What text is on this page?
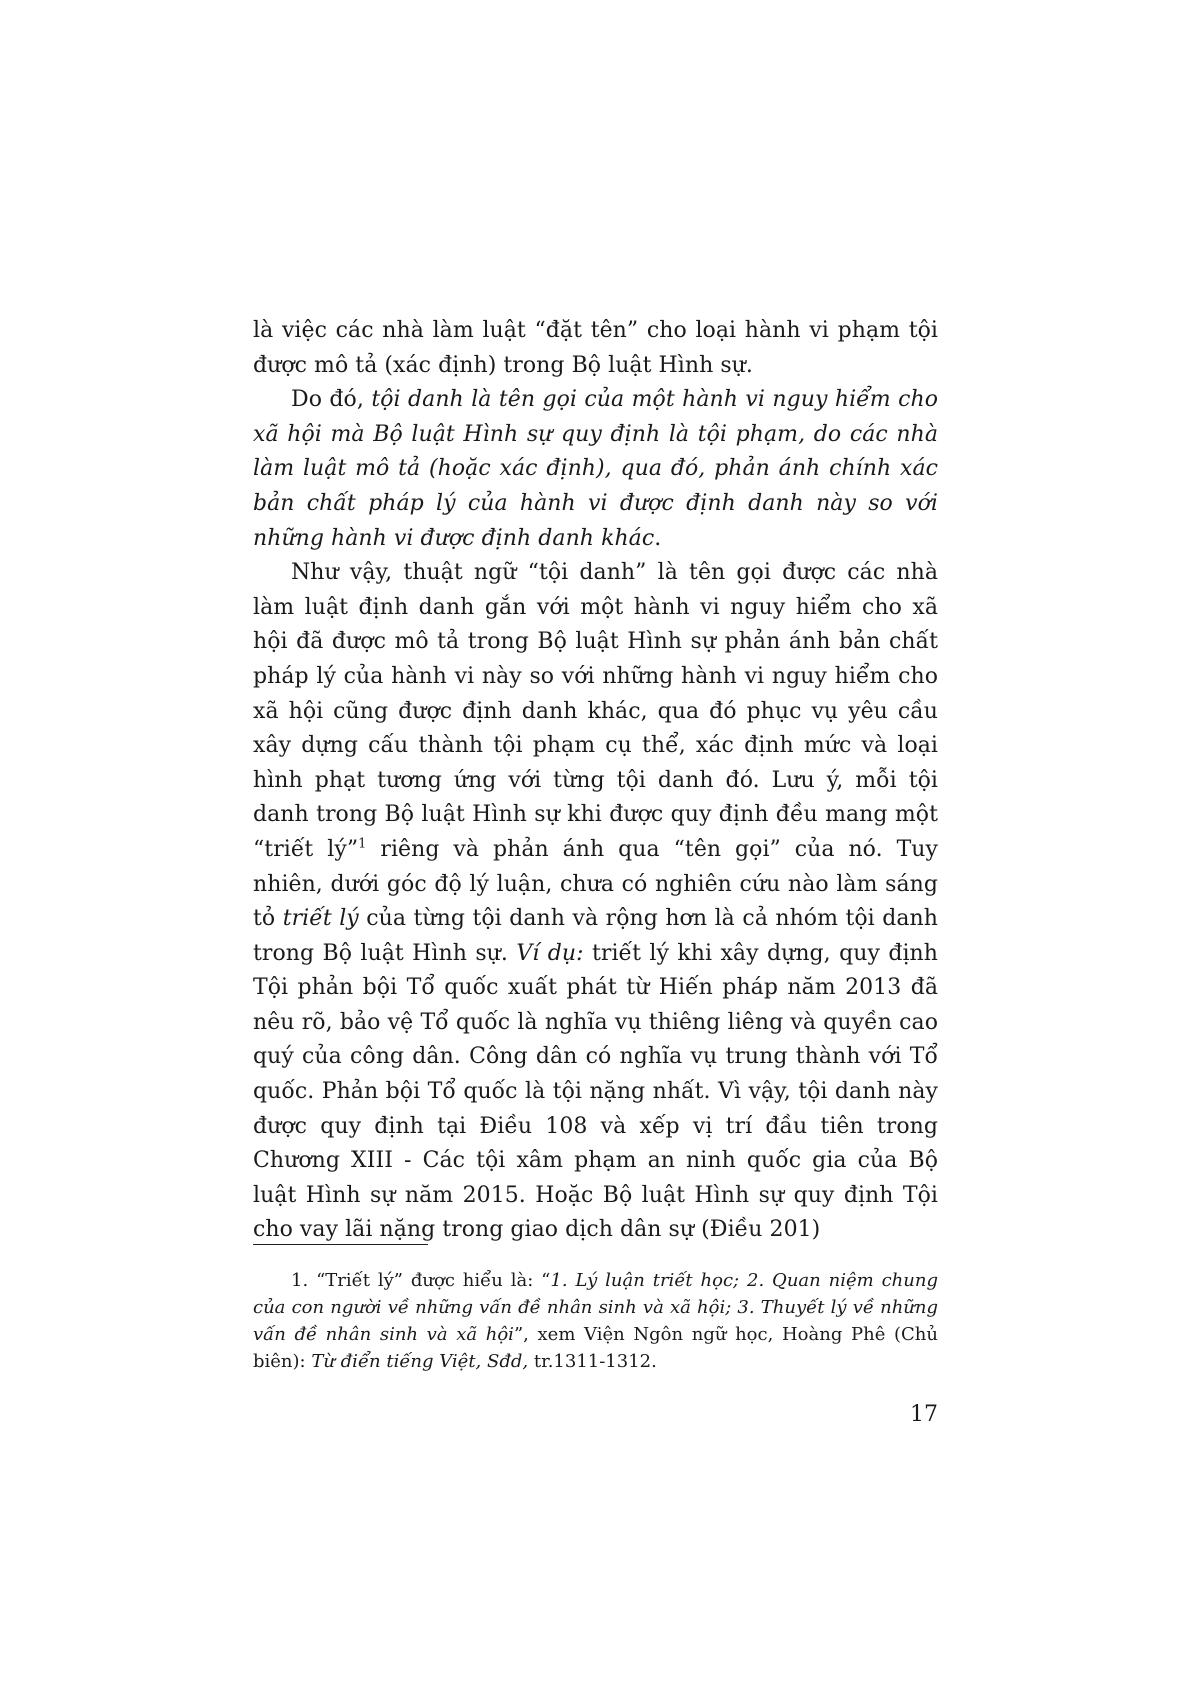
là việc các nhà làm luật “đặt tên” cho loại hành vi phạm tội được mô tả (xác định) trong Bộ luật Hình sự.

Do đó, tội danh là tên gọi của một hành vi nguy hiểm cho xã hội mà Bộ luật Hình sự quy định là tội phạm, do các nhà làm luật mô tả (hoặc xác định), qua đó, phản ánh chính xác bản chất pháp lý của hành vi được định danh này so với những hành vi được định danh khác.

Như vậy, thuật ngữ “tội danh” là tên gọi được các nhà làm luật định danh gắn với một hành vi nguy hiểm cho xã hội đã được mô tả trong Bộ luật Hình sự phản ánh bản chất pháp lý của hành vi này so với những hành vi nguy hiểm cho xã hội cũng được định danh khác, qua đó phục vụ yêu cầu xây dựng cấu thành tội phạm cụ thể, xác định mức và loại hình phạt tương ứng với từng tội danh đó. Lưu ý, mỗi tội danh trong Bộ luật Hình sự khi được quy định đều mang một “triết lý”$^1$ riêng và phản ánh qua “tên gọi” của nó. Tuy nhiên, dưới góc độ lý luận, chưa có nghiên cứu nào làm sáng tỏ triết lý của từng tội danh và rộng hơn là cả nhóm tội danh trong Bộ luật Hình sự. Ví dụ: triết lý khi xây dựng, quy định Tội phản bội Tổ quốc xuất phát từ Hiến pháp năm 2013 đã nêu rõ, bảo vệ Tổ quốc là nghĩa vụ thiêng liêng và quyền cao quý của công dân. Công dân có nghĩa vụ trung thành với Tổ quốc. Phản bội Tổ quốc là tội nặng nhất. Vì vậy, tội danh này được quy định tại Điều 108 và xếp vị trí đầu tiên trong Chương XIII - Các tội xâm phạm an ninh quốc gia của Bộ luật Hình sự năm 2015. Hoặc Bộ luật Hình sự quy định Tội cho vay lãi nặng trong giao dịch dân sự (Điều 201)

1. “Triết lý” được hiểu là: “1. Lý luận triết học; 2. Quan niệm chung của con người về những vấn đề nhân sinh và xã hội; 3. Thuyết lý về những vấn đề nhân sinh và xã hội”, xem Viện Ngôn ngữ học, Hoàng Phê (Chủ biên): Từ điển tiếng Việt, Sđd, tr.1311-1312.

17
